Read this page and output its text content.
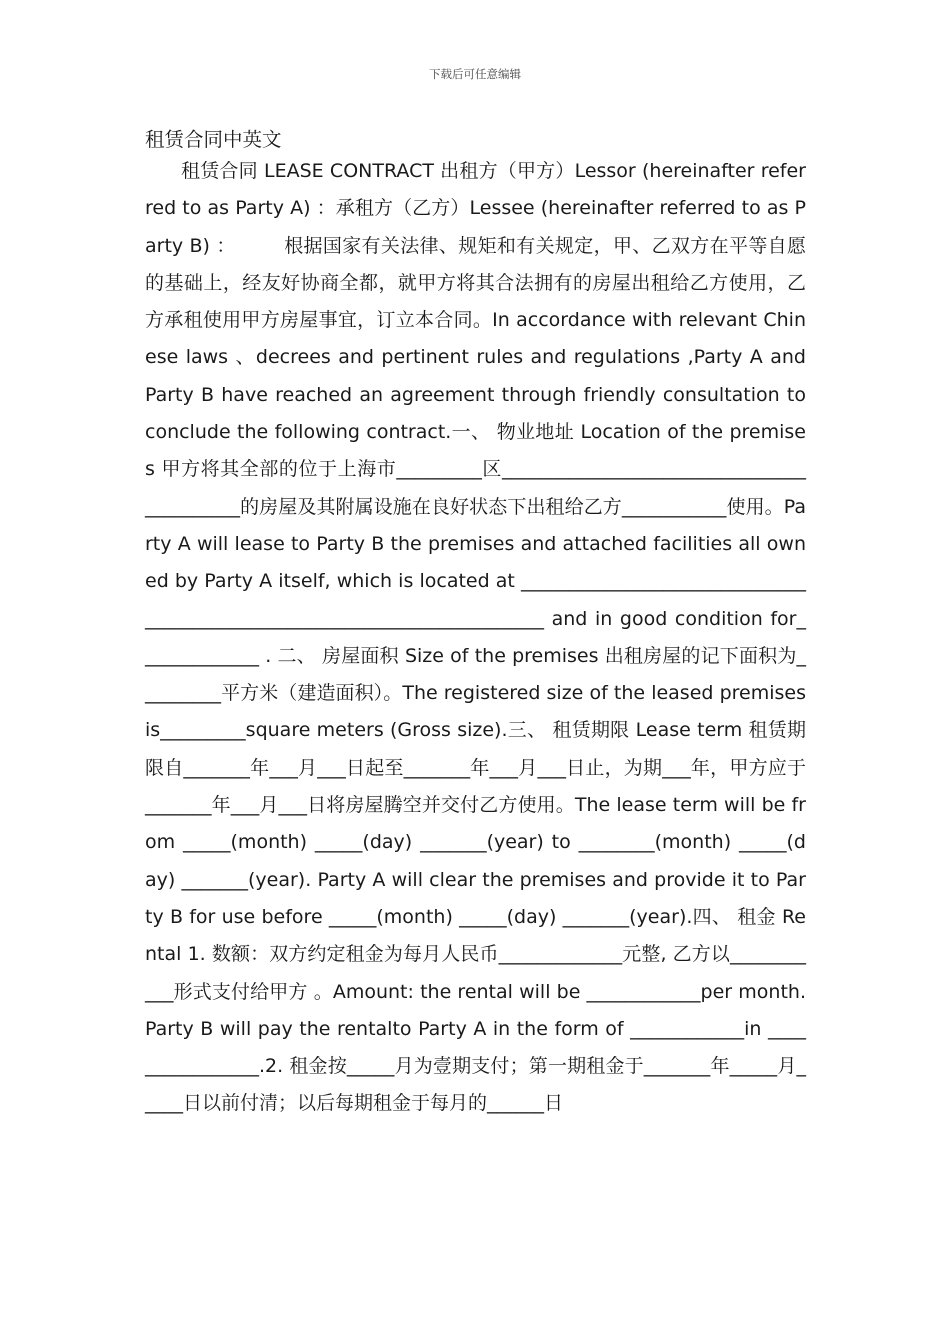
下载后可任意编辑
租赁合同中英文

租赁合同 LEASE CONTRACT 出租方（甲方）Lessor (hereinafter referred to as Party A) ：承租方（乙方）Lessee (hereinafter referred to as Party B) ：　　　根据国家有关法律、规矩和有关规定，甲、乙双方在平等自愿的基础上，经友好协商全都，就甲方将其合法拥有的房屋出租给乙方使用，乙方承租使用甲方房屋事宜，订立本合同。In accordance with relevant Chinese laws 、decrees and pertinent rules and regulations ,Party A and Party B have reached an agreement through friendly consultation to conclude the following contract.一、 物业地址 Location of the premises 甲方将其全部的位于上海市_________区__________________________________________的房屋及其附属设施在良好状态下出租给乙方___________使用。Party A will lease to Party B the premises and attached facilities all owned by Party A itself, which is located at ________________________________________________________________________ and in good condition for_____________ . 二、 房屋面积 Size of the premises 出租房屋的记下面积为_________平方米（建造面积）。The registered size of the leased premises is_________square meters (Gross size).三、 租赁期限 Lease term 租赁期限自_______年___月___日起至_______年___月___日止，为期___年，甲方应于_______年___月___日将房屋腾空并交付乙方使用。The lease term will be from _____(month) _____(day) _______(year) to ________(month) _____(day) _______(year). Party A will clear the premises and provide it to Party B for use before _____(month) _____(day) _______(year).四、 租金 Rental 1. 数额：双方约定租金为每月人民币_____________元整, 乙方以___________形式支付给甲方 。Amount: the rental will be ____________per month. Party B will pay the rentalto Party A in the form of ____________in ________________.2. 租金按_____月为壹期支付；第一期租金于_______年_____月_____日以前付清；以后每期租金于每月的______日
